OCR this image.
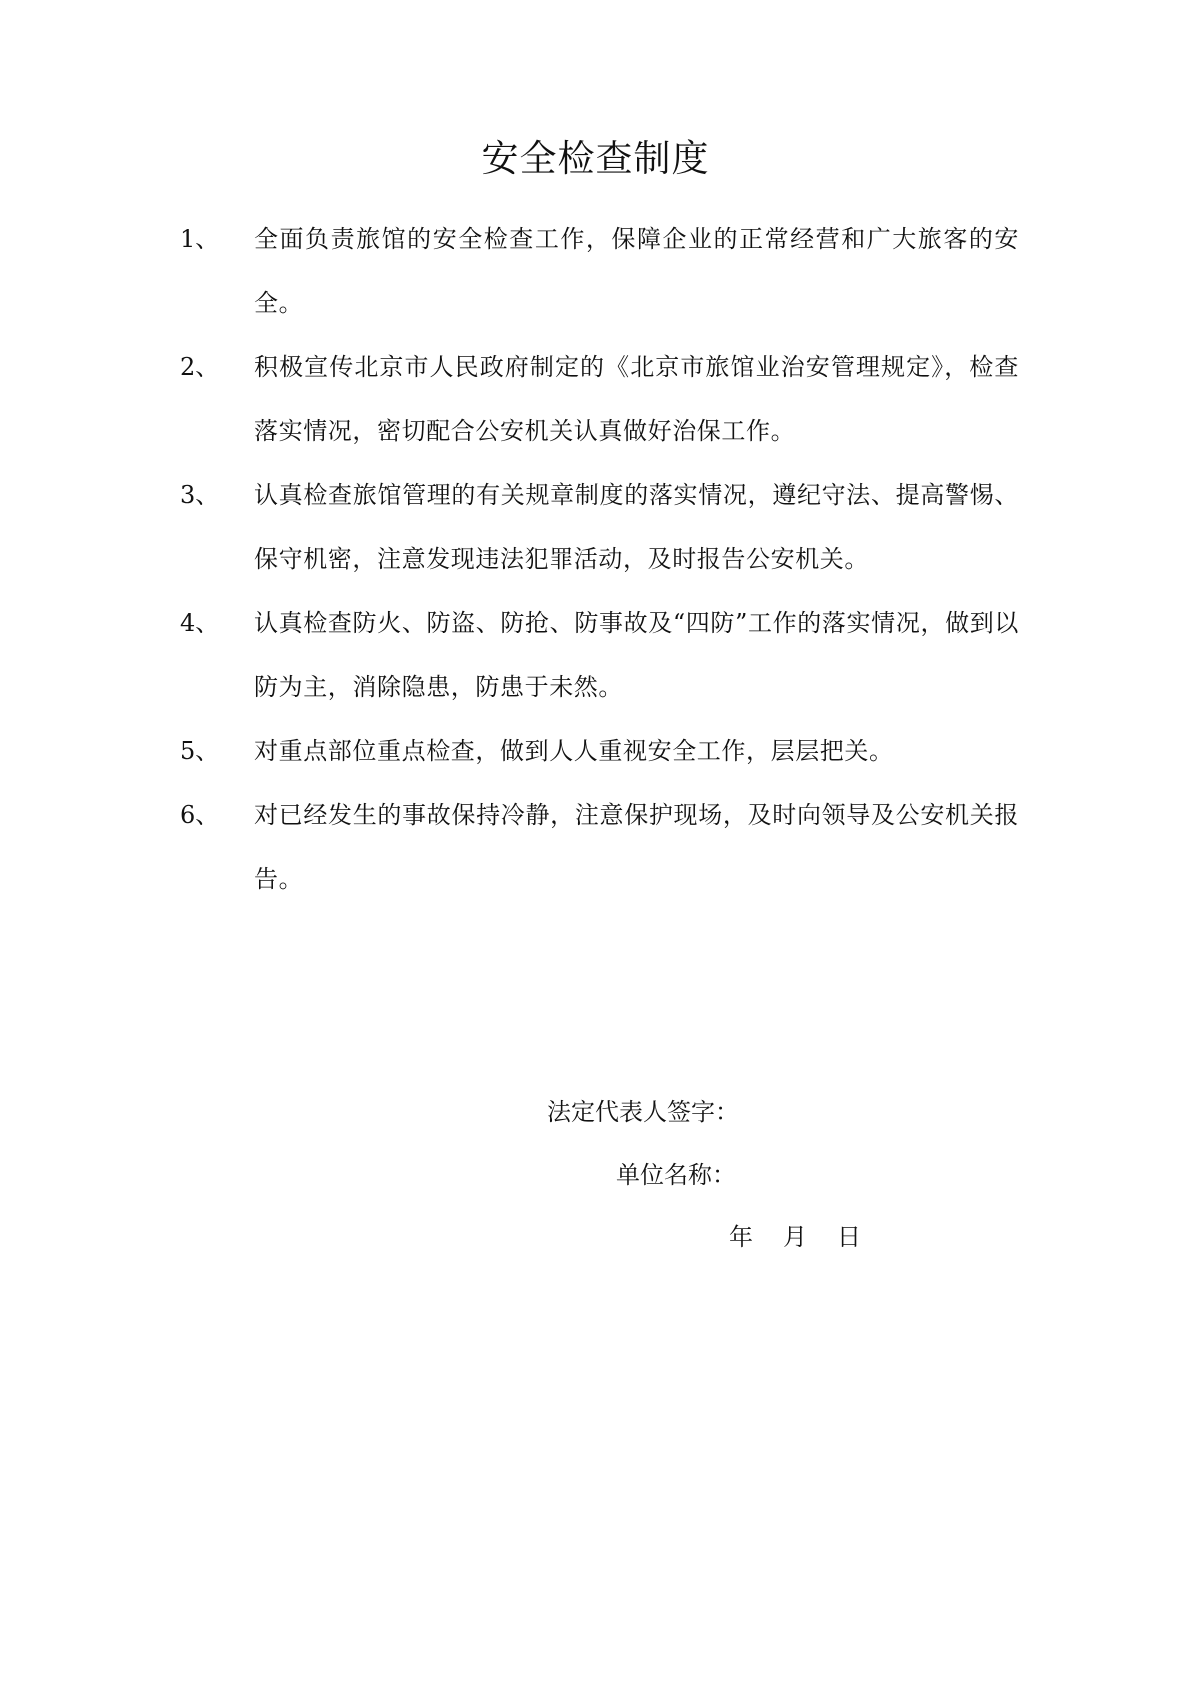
安全检查制度
1、 全面负责旅馆的安全检查工作，保障企业的正常经营和广大旅客的安全。
2、 积极宣传北京市人民政府制定的《北京市旅馆业治安管理规定》，检查落实情况，密切配合公安机关认真做好治保工作。
3、 认真检查旅馆管理的有关规章制度的落实情况，遵纪守法、提高警惕、保守机密，注意发现违法犯罪活动，及时报告公安机关。
4、 认真检查防火、防盗、防抢、防事故及“四防”工作的落实情况，做到以防为主，消除隐患，防患于未然。
5、 对重点部位重点检查，做到人人重视安全工作，层层把关。
6、 对已经发生的事故保持冷静，注意保护现场，及时向领导及公安机关报告。
法定代表人签字：
单位名称：
年 月 日
